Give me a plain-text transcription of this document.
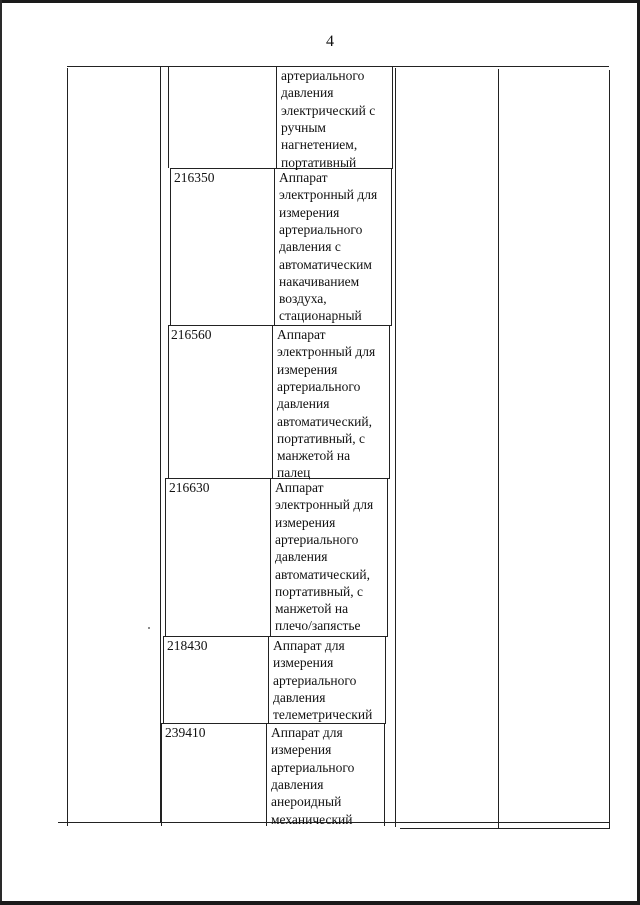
4
артериального
давления
электрический с
ручным
нагнетением,
портативный
216350	Аппарат
электронный для
измерения
артериального
давления с
автоматическим
накачиванием
воздуха,
стационарный
216560	Аппарат
электронный для
измерения
артериального
давления
автоматический,
портативный, с
манжетой на
палец
216630	Аппарат
электронный для
измерения
артериального
давления
автоматический,
портативный, с
манжетой на
плечо/запястье
218430	Аппарат для
измерения
артериального
давления
телеметрический
239410	Аппарат для
измерения
артериального
давления
анероидный
механический
